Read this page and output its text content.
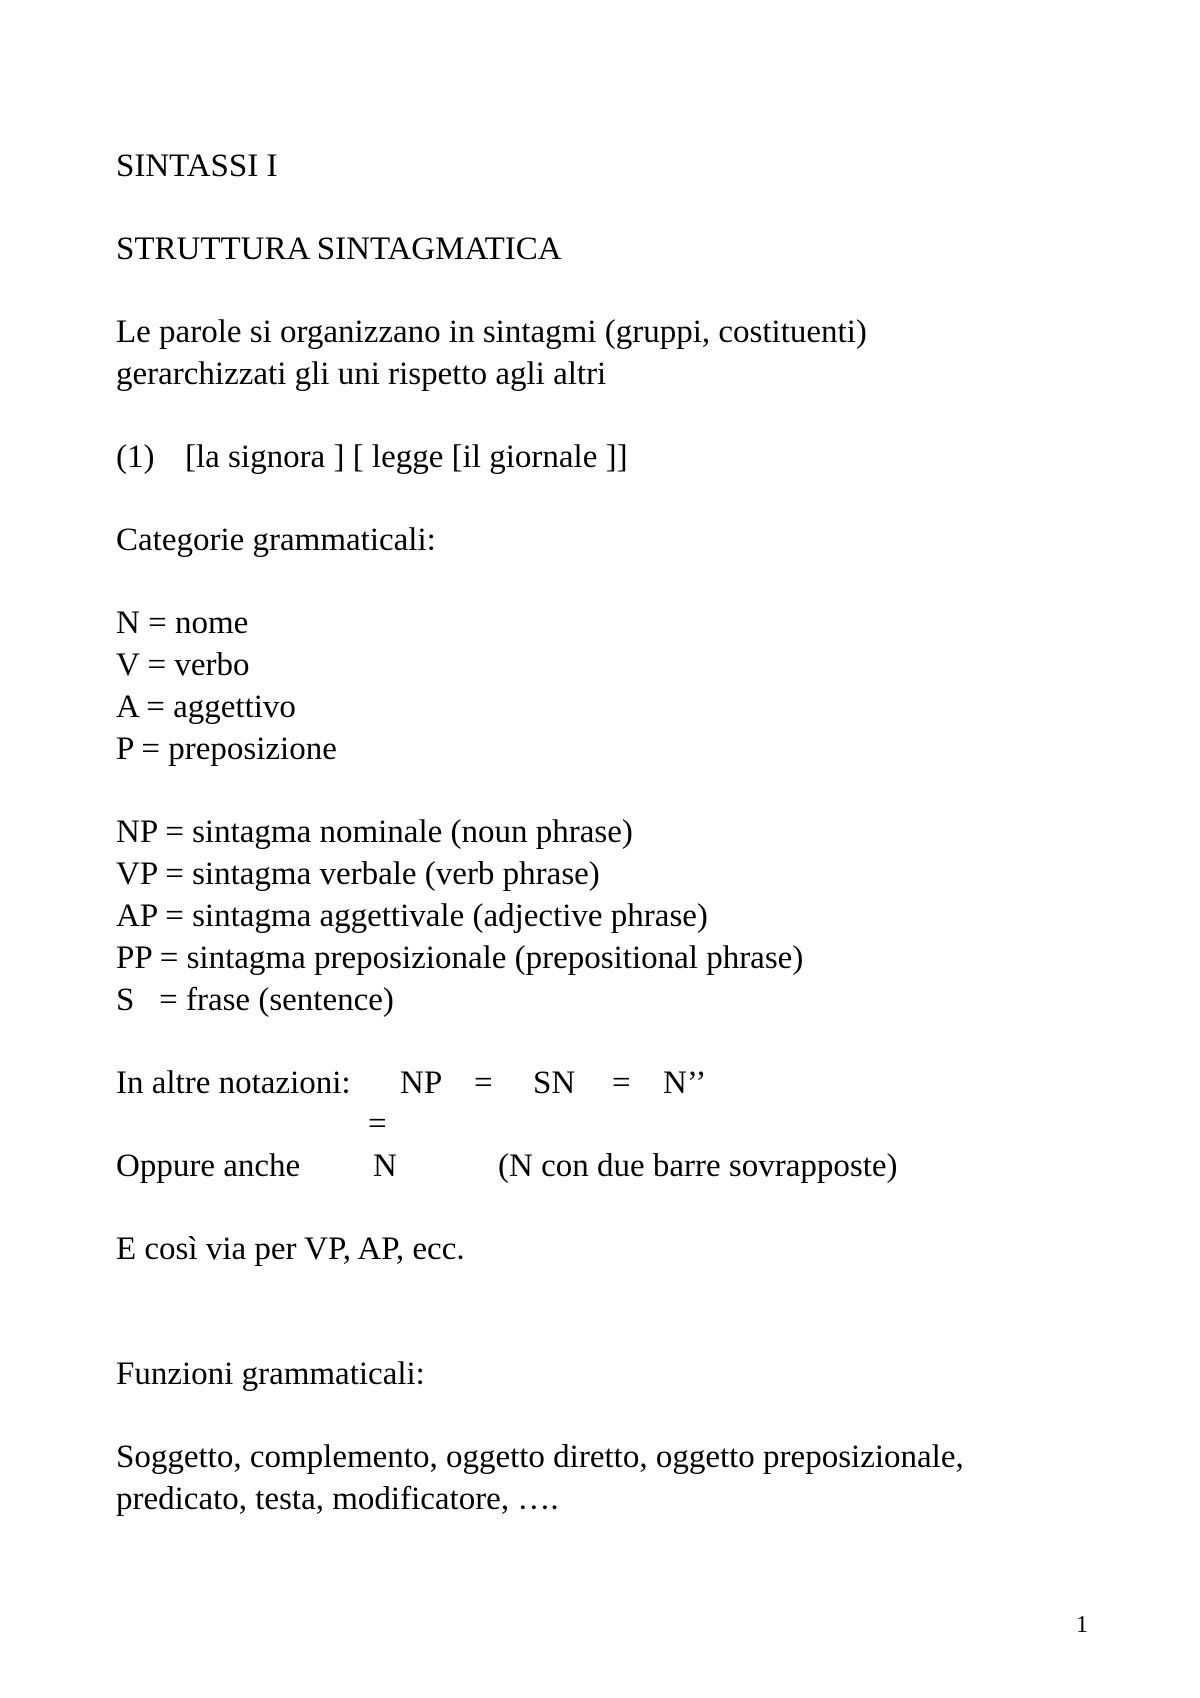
SINTASSI I
STRUTTURA SINTAGMATICA
Le parole si organizzano in sintagmi (gruppi, costituenti)
gerarchizzati gli uni rispetto agli altri
(1) [la signora ] [ legge [il giornale ]]
Categorie grammaticali:
N = nome
V = verbo
A = aggettivo
P = preposizione
NP = sintagma nominale (noun phrase)
VP = sintagma verbale (verb phrase)
AP = sintagma aggettivale (adjective phrase)
PP = sintagma preposizionale (prepositional phrase)
S   = frase (sentence)
In altre notazioni: NP = SN = N’’
=
Oppure anche N	(N con due barre sovrapposte)
E così via per VP, AP, ecc.
Funzioni grammaticali:
Soggetto, complemento, oggetto diretto, oggetto preposizionale,
predicato, testa, modificatore, ….
1
